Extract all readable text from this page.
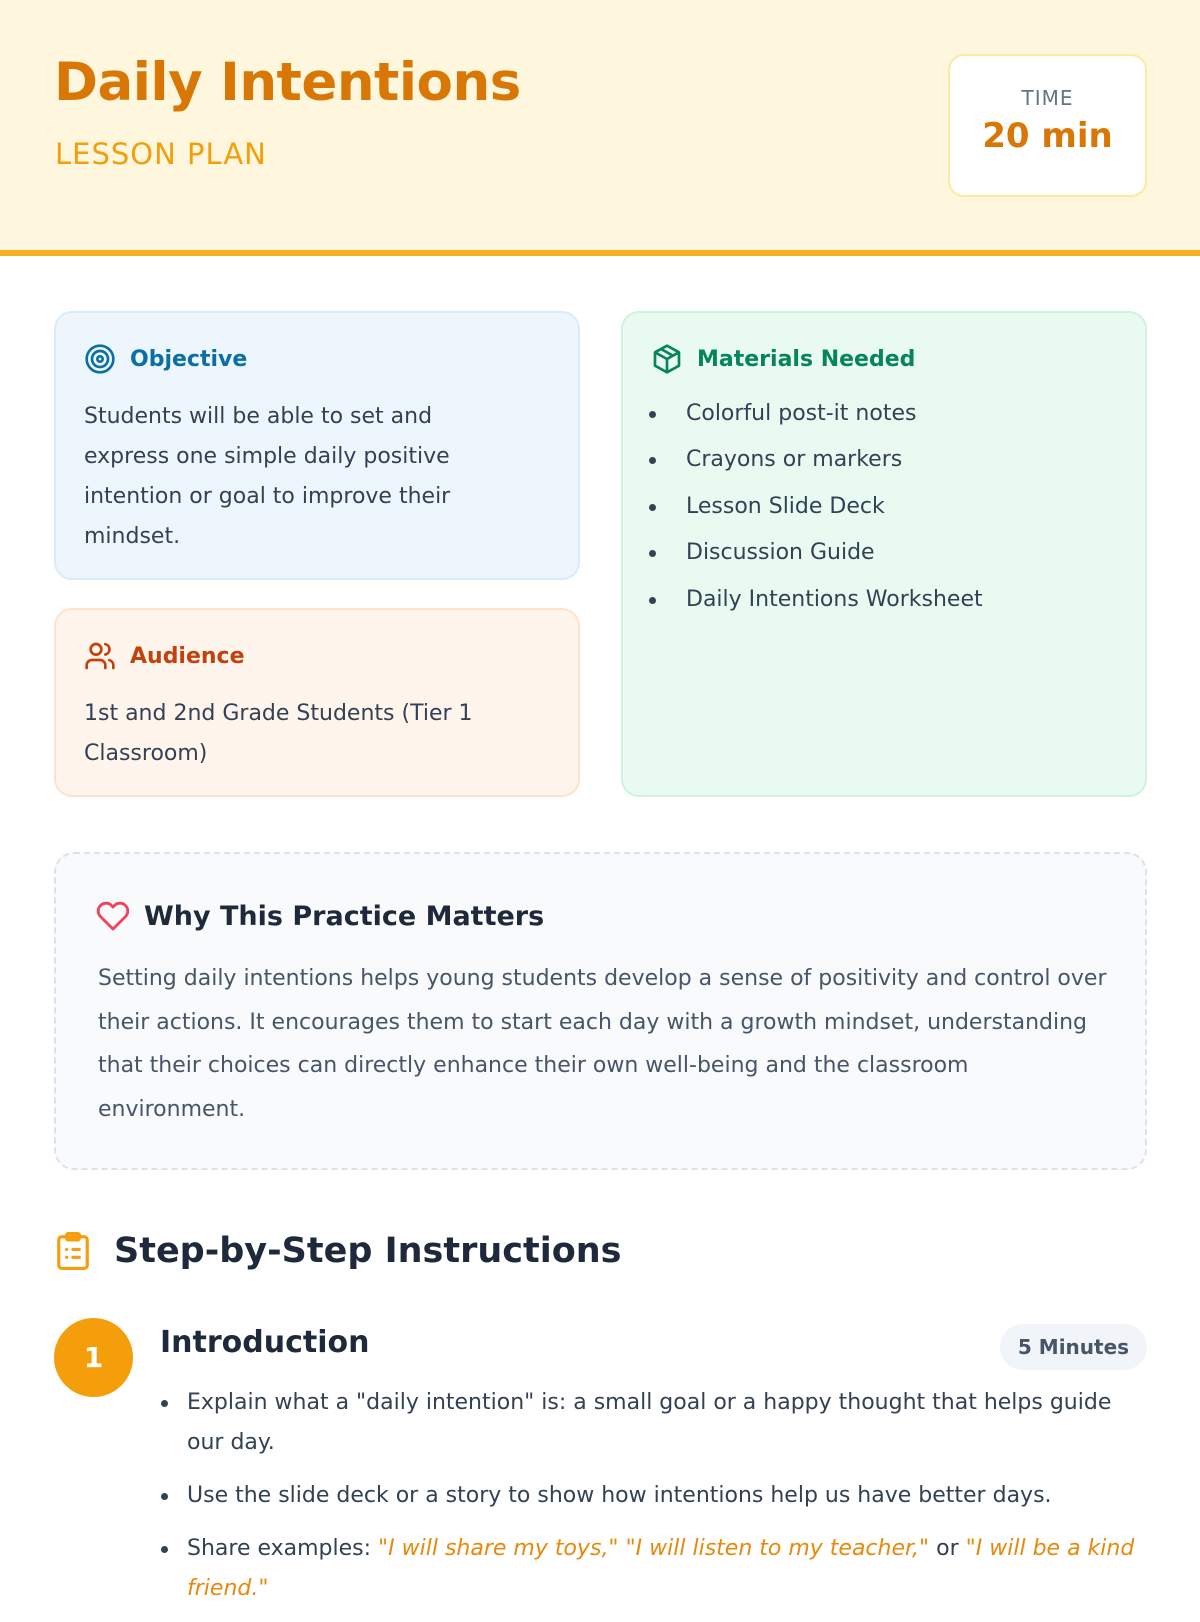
Daily Intentions
LESSON PLAN
TIME
20 min
Objective
Students will be able to set and express one simple daily positive intention or goal to improve their mindset.
Audience
1st and 2nd Grade Students (Tier 1 Classroom)
Materials Needed
Colorful post-it notes
Crayons or markers
Lesson Slide Deck
Discussion Guide
Daily Intentions Worksheet
Why This Practice Matters
Setting daily intentions helps young students develop a sense of positivity and control over their actions. It encourages them to start each day with a growth mindset, understanding that their choices can directly enhance their own well-being and the classroom environment.
Step-by-Step Instructions
1	Introduction	5 Minutes
Explain what a "daily intention" is: a small goal or a happy thought that helps guide our day.
Use the slide deck or a story to show how intentions help us have better days.
Share examples: "I will share my toys," "I will listen to my teacher," or "I will be a kind friend."
